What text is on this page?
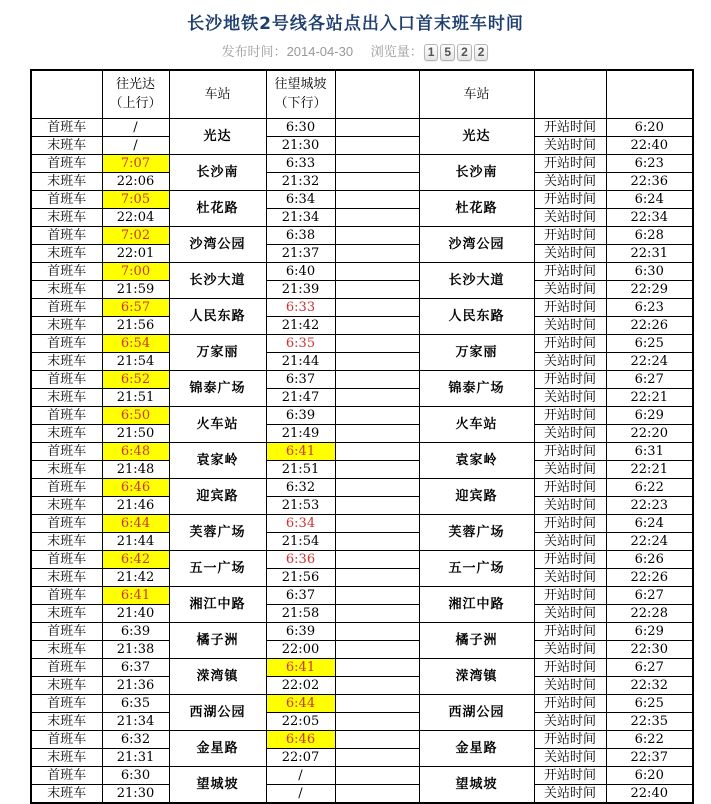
长沙地铁2号线各站点出入口首末班车时间
发布时间：2014-04-30 浏览量： 1 5 2 2

	往光达
（上行）	车站	往望城坡
（下行）		车站		
首班车	/	光达	6:30		光达	开站时间	6:20
末班车	/		21:30			关站时间	22:40
首班车	7:07	长沙南	6:33		长沙南	开站时间	6:23
末班车	22:06		21:32			关站时间	22:36
首班车	7:05	杜花路	6:34		杜花路	开站时间	6:24
末班车	22:04		21:34			关站时间	22:34
首班车	7:02	沙湾公园	6:38		沙湾公园	开站时间	6:28
末班车	22:01		21:37			关站时间	22:31
首班车	7:00	长沙大道	6:40		长沙大道	开站时间	6:30
末班车	21:59		21:39			关站时间	22:29
首班车	6:57	人民东路	6:33		人民东路	开站时间	6:23
末班车	21:56		21:42			关站时间	22:26
首班车	6:54	万家丽	6:35		万家丽	开站时间	6:25
末班车	21:54		21:44			关站时间	22:24
首班车	6:52	锦泰广场	6:37		锦泰广场	开站时间	6:27
末班车	21:51		21:47			关站时间	22:21
首班车	6:50	火车站	6:39		火车站	开站时间	6:29
末班车	21:50		21:49			关站时间	22:20
首班车	6:48	袁家岭	6:41		袁家岭	开站时间	6:31
末班车	21:48		21:51			关站时间	22:21
首班车	6:46	迎宾路	6:32		迎宾路	开站时间	6:22
末班车	21:46		21:53			关站时间	22:23
首班车	6:44	芙蓉广场	6:34		芙蓉广场	开站时间	6:24
末班车	21:44		21:54			关站时间	22:24
首班车	6:42	五一广场	6:36		五一广场	开站时间	6:26
末班车	21:42		21:56			关站时间	22:26
首班车	6:41	湘江中路	6:37		湘江中路	开站时间	6:27
末班车	21:40		21:58			关站时间	22:28
首班车	6:39	橘子洲	6:39		橘子洲	开站时间	6:29
末班车	21:38		22:00			关站时间	22:30
首班车	6:37	溁湾镇	6:41		溁湾镇	开站时间	6:27
末班车	21:36		22:02			关站时间	22:32
首班车	6:35	西湖公园	6:44		西湖公园	开站时间	6:25
末班车	21:34		22:05			关站时间	22:35
首班车	6:32	金星路	6:46		金星路	开站时间	6:22
末班车	21:31		22:07			关站时间	22:37
首班车	6:30	望城坡	/		望城坡	开站时间	6:20
末班车	21:30		/			关站时间	22:40
